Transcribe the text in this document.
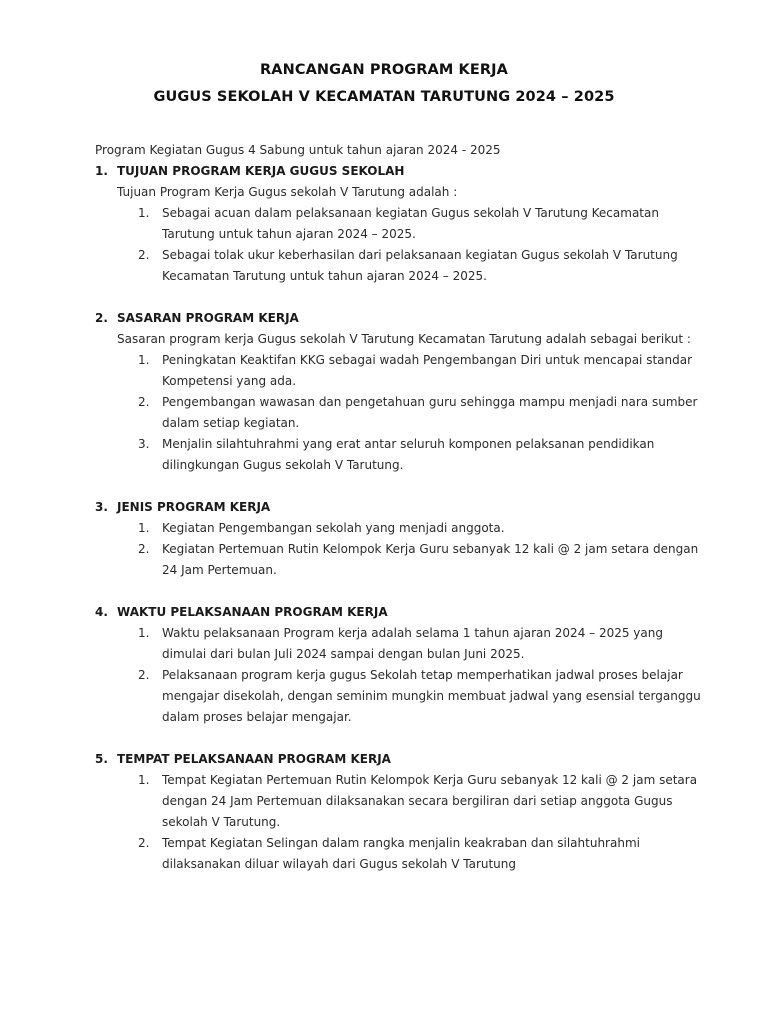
RANCANGAN PROGRAM KERJA
GUGUS SEKOLAH V KECAMATAN TARUTUNG 2024 – 2025

Program Kegiatan Gugus 4 Sabung untuk tahun ajaran 2024 - 2025

1. TUJUAN PROGRAM KERJA GUGUS SEKOLAH
Tujuan Program Kerja Gugus sekolah V Tarutung adalah :
1.	Sebagai acuan dalam pelaksanaan kegiatan Gugus sekolah V Tarutung Kecamatan Tarutung untuk tahun ajaran 2024 – 2025.
2.	Sebagai tolak ukur keberhasilan dari pelaksanaan kegiatan Gugus sekolah V Tarutung Kecamatan Tarutung untuk tahun ajaran 2024 – 2025.
2. SASARAN PROGRAM KERJA
Sasaran program kerja Gugus sekolah V Tarutung Kecamatan Tarutung adalah sebagai berikut :
1.	Peningkatan Keaktifan KKG sebagai wadah Pengembangan Diri untuk mencapai standar Kompetensi yang ada.
2.	Pengembangan wawasan dan pengetahuan guru sehingga mampu menjadi nara sumber dalam setiap kegiatan.
3.	Menjalin silahtuhrahmi yang erat antar seluruh komponen pelaksanan pendidikan dilingkungan Gugus sekolah V Tarutung.
3. JENIS PROGRAM KERJA
1.	Kegiatan Pengembangan sekolah yang menjadi anggota.
2.	Kegiatan Pertemuan Rutin Kelompok Kerja Guru sebanyak 12 kali @ 2 jam setara dengan 24 Jam Pertemuan.
4. WAKTU PELAKSANAAN PROGRAM KERJA
1.	Waktu pelaksanaan Program kerja adalah selama 1 tahun ajaran 2024 – 2025 yang dimulai dari bulan Juli 2024 sampai dengan bulan Juni 2025.
2.	Pelaksanaan program kerja gugus Sekolah tetap memperhatikan jadwal proses belajar mengajar disekolah, dengan seminim mungkin membuat jadwal yang esensial terganggu dalam proses belajar mengajar.
5. TEMPAT PELAKSANAAN PROGRAM KERJA
1.	Tempat Kegiatan Pertemuan Rutin Kelompok Kerja Guru sebanyak 12 kali @ 2 jam setara dengan 24 Jam Pertemuan dilaksanakan secara bergiliran dari setiap anggota Gugus sekolah V Tarutung.
2.	Tempat Kegiatan Selingan dalam rangka menjalin keakraban dan silahtuhrahmi dilaksanakan diluar wilayah dari Gugus sekolah V Tarutung
